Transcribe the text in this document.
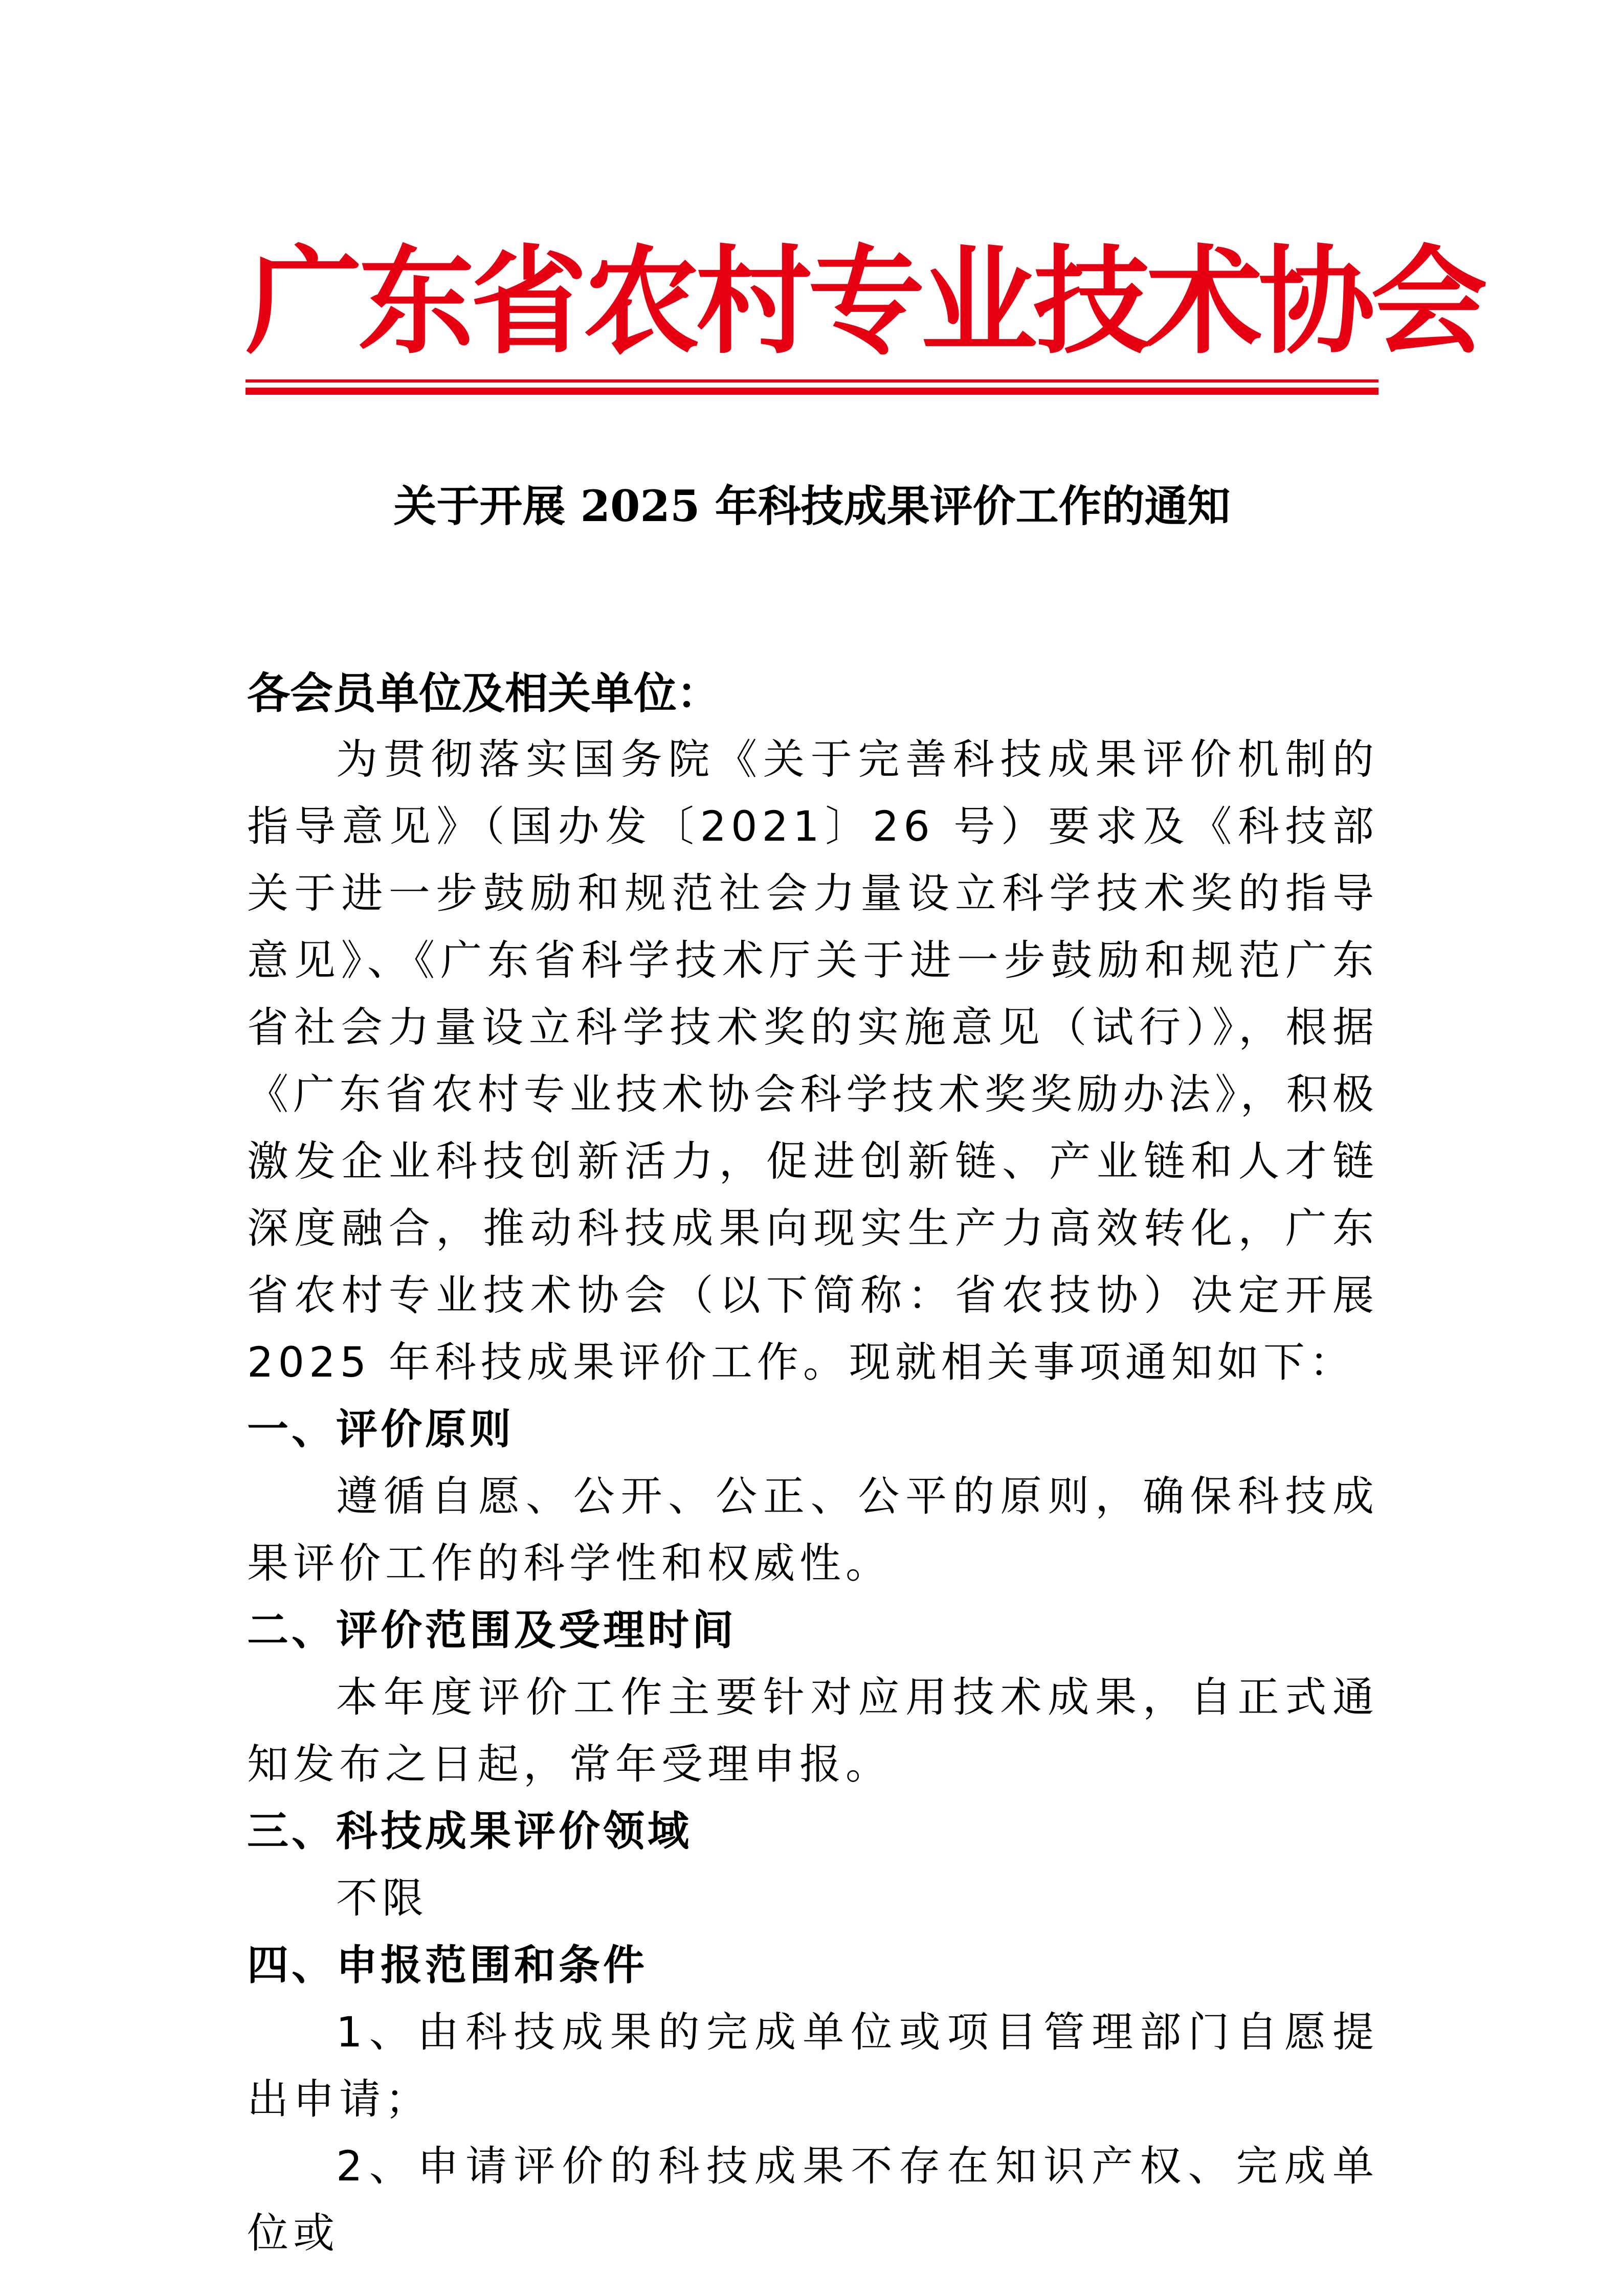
广东省农村专业技术协会
关于开展 2025 年科技成果评价工作的通知

各会员单位及相关单位：

为贯彻落实国务院《关于完善科技成果评价机制的指导意见》（国办发〔2021〕26 号）要求及《科技部关于进一步鼓励和规范社会力量设立科学技术奖的指导意见》、《广东省科学技术厅关于进一步鼓励和规范广东省社会力量设立科学技术奖的实施意见（试行）》，根据《广东省农村专业技术协会科学技术奖奖励办法》，积极激发企业科技创新活力，促进创新链、产业链和人才链深度融合，推动科技成果向现实生产力高效转化，广东省农村专业技术协会（以下简称：省农技协）决定开展 2025 年科技成果评价工作。现就相关事项通知如下：

一、评价原则

遵循自愿、公开、公正、公平的原则，确保科技成果评价工作的科学性和权威性。

二、评价范围及受理时间

本年度评价工作主要针对应用技术成果，自正式通知发布之日起，常年受理申报。

三、科技成果评价领域

不限

四、申报范围和条件

1、由科技成果的完成单位或项目管理部门自愿提出申请；

2、申请评价的科技成果不存在知识产权、完成单位或
